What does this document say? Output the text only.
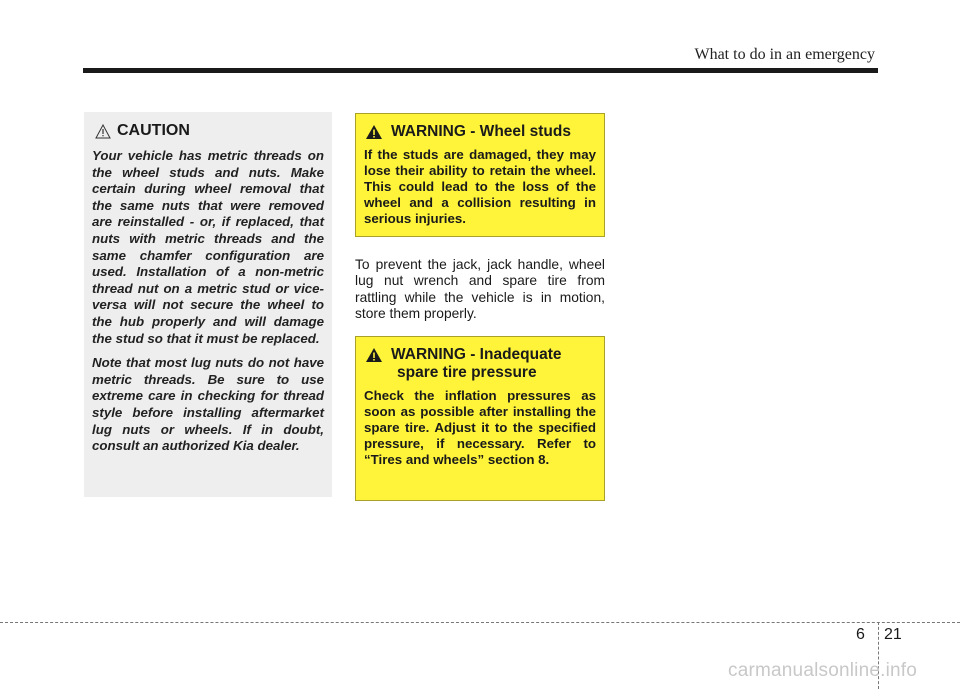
What to do in an emergency
CAUTION

Your vehicle has metric threads on the wheel studs and nuts. Make certain during wheel removal that the same nuts that were removed are reinstalled - or, if replaced, that nuts with metric threads and the same chamfer configuration are used. Installation of a non-metric thread nut on a metric stud or vice-versa will not secure the wheel to the hub properly and will damage the stud so that it must be replaced.

Note that most lug nuts do not have metric threads. Be sure to use extreme care in checking for thread style before installing aftermarket lug nuts or wheels. If in doubt, consult an authorized Kia dealer.

WARNING - Wheel studs

If the studs are damaged, they may lose their ability to retain the wheel. This could lead to the loss of the wheel and a collision resulting in serious injuries.

To prevent the jack, jack handle, wheel lug nut wrench and spare tire from rattling while the vehicle is in motion, store them properly.

WARNING - Inadequate
spare tire pressure

Check the inflation pressures as soon as possible after installing the spare tire. Adjust it to the specified pressure, if necessary. Refer to “Tires and wheels” section 8.

6 21
carmanualsonline.info
